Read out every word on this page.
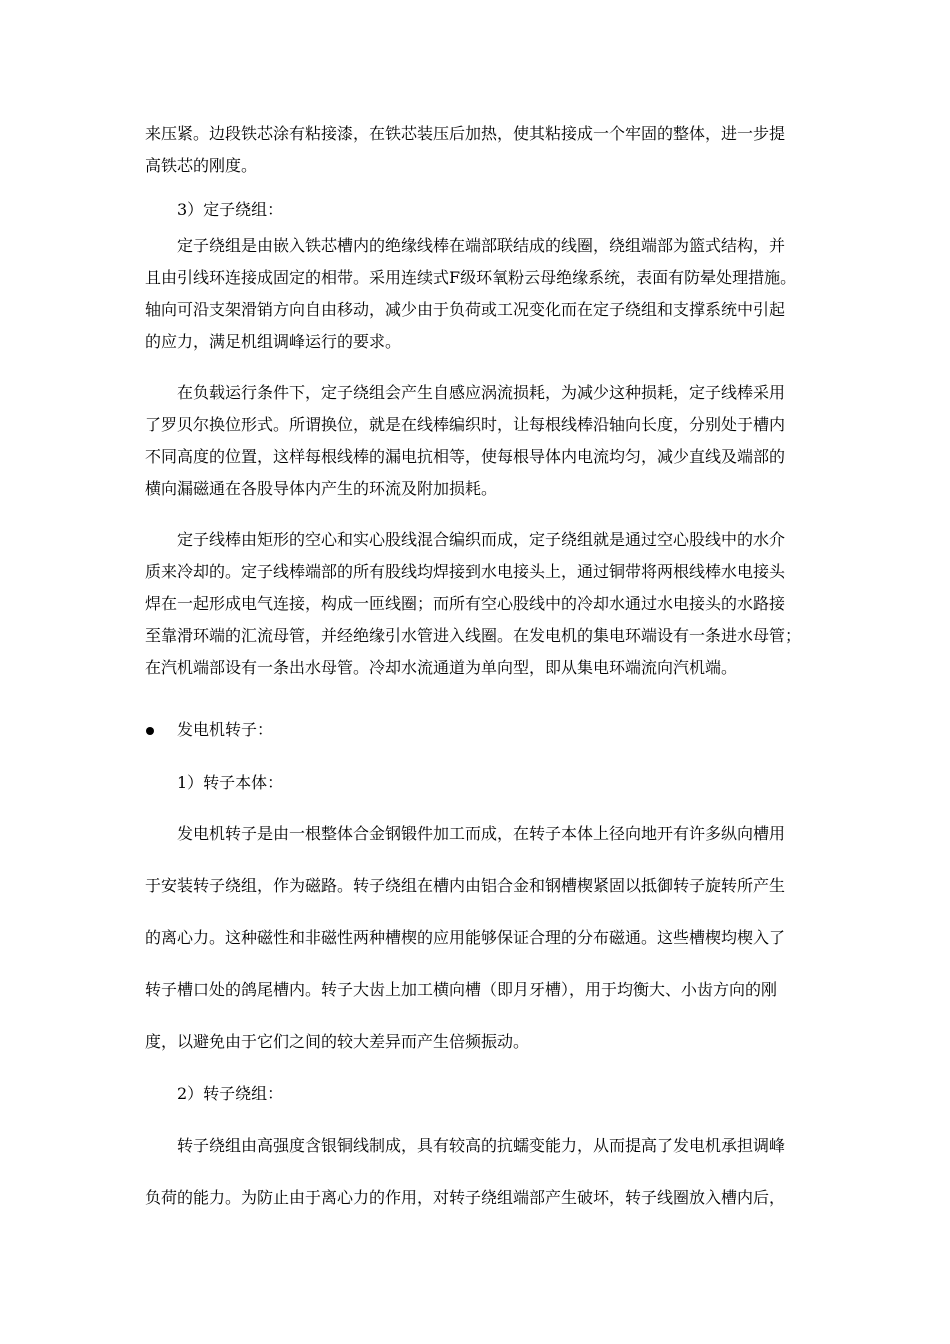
来压紧。边段铁芯涂有粘接漆，在铁芯装压后加热，使其粘接成一个牢固的整体，进一步提
高铁芯的刚度。
3）定子绕组：
定子绕组是由嵌入铁芯槽内的绝缘线棒在端部联结成的线圈，绕组端部为篮式结构，并
且由引线环连接成固定的相带。采用连续式F级环氧粉云母绝缘系统，表面有防晕处理措施。
轴向可沿支架滑销方向自由移动，减少由于负荷或工况变化而在定子绕组和支撑系统中引起
的应力，满足机组调峰运行的要求。
在负载运行条件下，定子绕组会产生自感应涡流损耗，为减少这种损耗，定子线棒采用
了罗贝尔换位形式。所谓换位，就是在线棒编织时，让每根线棒沿轴向长度，分别处于槽内
不同高度的位置，这样每根线棒的漏电抗相等，使每根导体内电流均匀，减少直线及端部的
横向漏磁通在各股导体内产生的环流及附加损耗。
定子线棒由矩形的空心和实心股线混合编织而成，定子绕组就是通过空心股线中的水介
质来冷却的。定子线棒端部的所有股线均焊接到水电接头上，通过铜带将两根线棒水电接头
焊在一起形成电气连接，构成一匝线圈；而所有空心股线中的冷却水通过水电接头的水路接
至靠滑环端的汇流母管，并经绝缘引水管进入线圈。在发电机的集电环端设有一条进水母管；
在汽机端部设有一条出水母管。冷却水流通道为单向型，即从集电环端流向汽机端。
发电机转子：
1）转子本体：
发电机转子是由一根整体合金钢锻件加工而成，在转子本体上径向地开有许多纵向槽用
于安装转子绕组，作为磁路。转子绕组在槽内由铝合金和钢槽楔紧固以抵御转子旋转所产生
的离心力。这种磁性和非磁性两种槽楔的应用能够保证合理的分布磁通。这些槽楔均楔入了
转子槽口处的鸽尾槽内。转子大齿上加工横向槽（即月牙槽），用于均衡大、小齿方向的刚
度，以避免由于它们之间的较大差异而产生倍频振动。
2）转子绕组：
转子绕组由高强度含银铜线制成，具有较高的抗蠕变能力，从而提高了发电机承担调峰
负荷的能力。为防止由于离心力的作用，对转子绕组端部产生破坏，转子线圈放入槽内后，
